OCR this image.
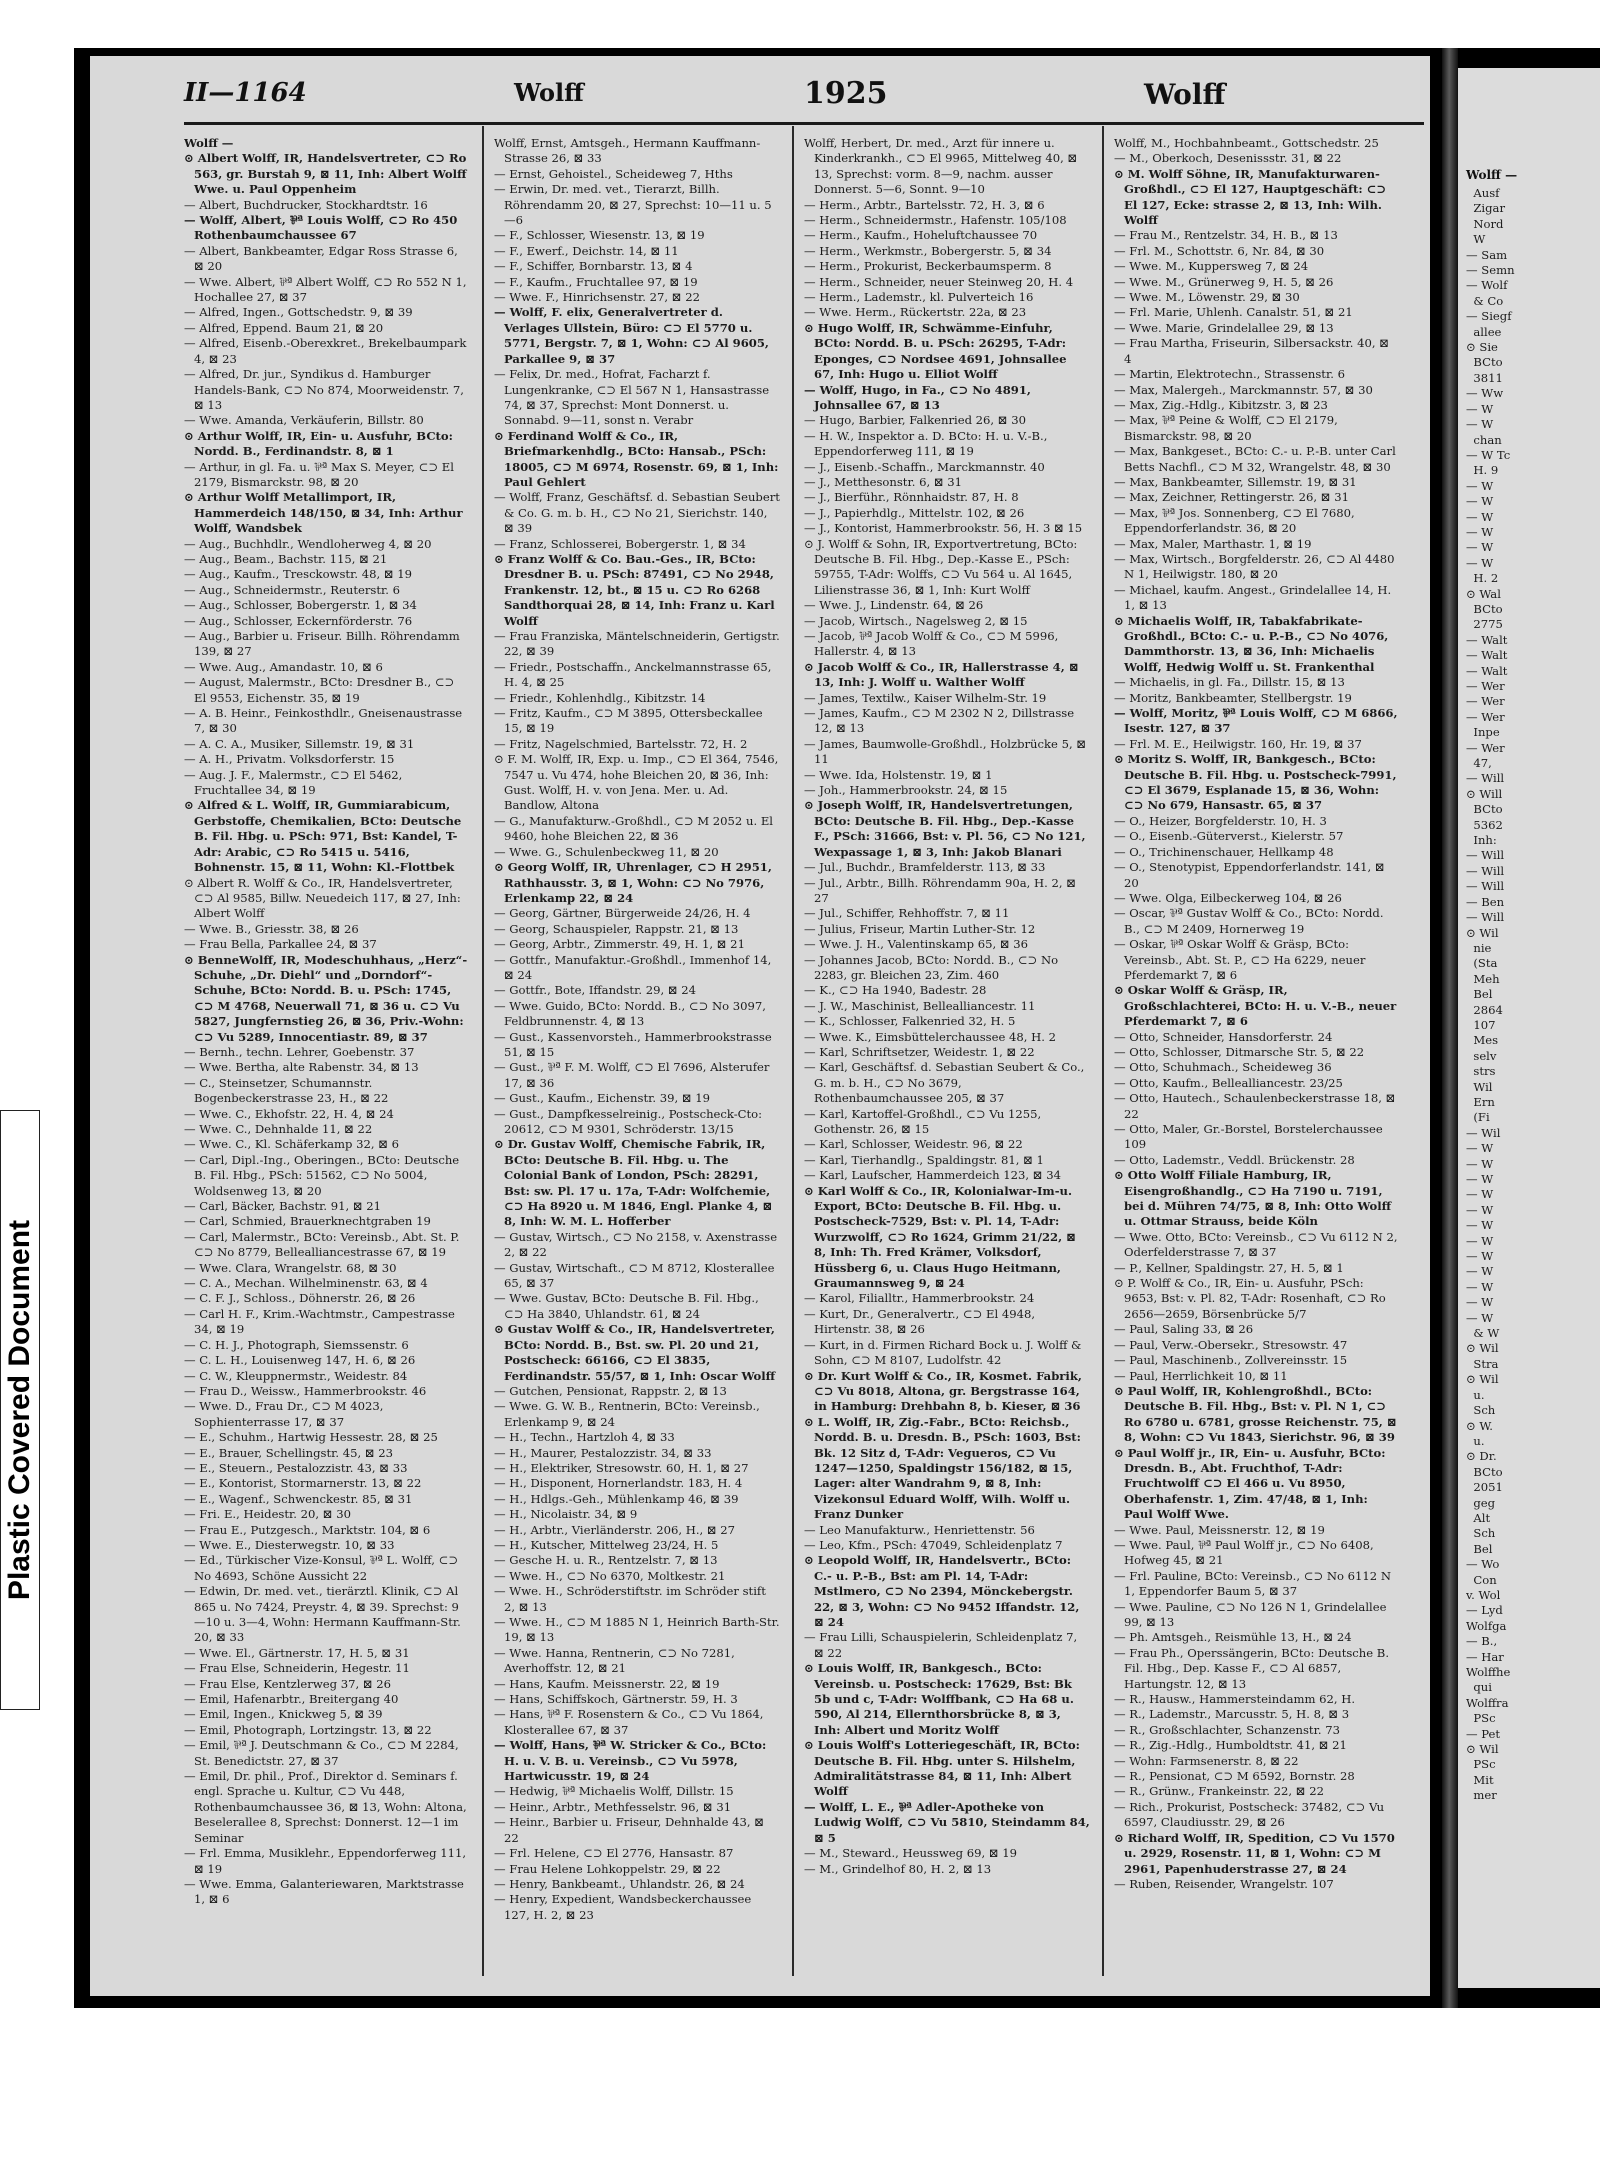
Plastic Covered Document
II—1164	Wolff	1925	Wolff

Wolff —

⊙ Albert Wolff, IR, Handelsvertreter, ⊂⊃ Ro 563, gr. Burstah 9, ⊠ 11, Inh: Albert Wolff Wwe. u. Paul Oppenheim

— Albert, Buchdrucker, Stockhardtstr. 16

— Wolff, Albert, ⅌ª Louis Wolff, ⊂⊃ Ro 450 Rothenbaumchaussee 67

— Albert, Bankbeamter, Edgar Ross Strasse 6, ⊠ 20

— Wwe. Albert, ⅌ª Albert Wolff, ⊂⊃ Ro 552 N 1, Hochallee 27, ⊠ 37

— Alfred, Ingen., Gottschedstr. 9, ⊠ 39

— Alfred, Eppend. Baum 21, ⊠ 20

— Alfred, Eisenb.-Oberexkret., Brekelbaumpark 4, ⊠ 23

— Alfred, Dr. jur., Syndikus d. Hamburger Handels-Bank, ⊂⊃ No 874, Moorweidenstr. 7, ⊠ 13

— Wwe. Amanda, Verkäuferin, Billstr. 80

⊙ Arthur Wolff, IR, Ein- u. Ausfuhr, BCto: Nordd. B., Ferdinandstr. 8, ⊠ 1

— Arthur, in gl. Fa. u. ⅌ª Max S. Meyer, ⊂⊃ El 2179, Bismarckstr. 98, ⊠ 20

⊙ Arthur Wolff Metallimport, IR, Hammerdeich 148/150, ⊠ 34, Inh: Arthur Wolff, Wandsbek

— Aug., Buchhdlr., Wendloherweg 4, ⊠ 20

— Aug., Beam., Bachstr. 115, ⊠ 21

— Aug., Kaufm., Tresckowstr. 48, ⊠ 19

— Aug., Schneidermstr., Reuterstr. 6

— Aug., Schlosser, Bobergerstr. 1, ⊠ 34

— Aug., Schlosser, Eckernförderstr. 76

— Aug., Barbier u. Friseur. Billh. Röhrendamm 139, ⊠ 27

— Wwe. Aug., Amandastr. 10, ⊠ 6

— August, Malermstr., BCto: Dresdner B., ⊂⊃ El 9553, Eichenstr. 35, ⊠ 19

— A. B. Heinr., Feinkosthdlr., Gneisenaustrasse 7, ⊠ 30

— A. C. A., Musiker, Sillemstr. 19, ⊠ 31

— A. H., Privatm. Volksdorferstr. 15

— Aug. J. F., Malermstr., ⊂⊃ El 5462, Fruchtallee 34, ⊠ 19

⊙ Alfred & L. Wolff, IR, Gummiarabicum, Gerbstoffe, Chemikalien, BCto: Deutsche B. Fil. Hbg. u. PSch: 971, Bst: Kandel, T-Adr: Arabic, ⊂⊃ Ro 5415 u. 5416, Bohnenstr. 15, ⊠ 11, Wohn: Kl.-Flottbek

⊙ Albert R. Wolff & Co., IR, Handelsvertreter, ⊂⊃ Al 9585, Billw. Neuedeich 117, ⊠ 27, Inh: Albert Wolff

— Wwe. B., Griesstr. 38, ⊠ 26

— Frau Bella, Parkallee 24, ⊠ 37

⊙ BenneWolff, IR, Modeschuhhaus, „Herz“-Schuhe, „Dr. Diehl“ und „Dorndorf“-Schuhe, BCto: Nordd. B. u. PSch: 1745, ⊂⊃ M 4768, Neuerwall 71, ⊠ 36 u. ⊂⊃ Vu 5827, Jungfernstieg 26, ⊠ 36, Priv.-Wohn: ⊂⊃ Vu 5289, Innocentiastr. 89, ⊠ 37

— Bernh., techn. Lehrer, Goebenstr. 37

— Wwe. Bertha, alte Rabenstr. 34, ⊠ 13

— C., Steinsetzer, Schumannstr. Bogenbeckerstrasse 23, H., ⊠ 22

— Wwe. C., Ekhofstr. 22, H. 4, ⊠ 24

— Wwe. C., Dehnhalde 11, ⊠ 22

— Wwe. C., Kl. Schäferkamp 32, ⊠ 6

— Carl, Dipl.-Ing., Oberingen., BCto: Deutsche B. Fil. Hbg., PSch: 51562, ⊂⊃ No 5004, Woldsenweg 13, ⊠ 20

— Carl, Bäcker, Bachstr. 91, ⊠ 21

— Carl, Schmied, Brauerknechtgraben 19

— Carl, Malermstr., BCto: Vereinsb., Abt. St. P. ⊂⊃ No 8779, Bellealliancestrasse 67, ⊠ 19

— Wwe. Clara, Wrangelstr. 68, ⊠ 30

— C. A., Mechan. Wilhelminenstr. 63, ⊠ 4

— C. F. J., Schloss., Döhnerstr. 26, ⊠ 26

— Carl H. F., Krim.-Wachtmstr., Campestrasse 34, ⊠ 19

— C. H. J., Photograph, Siemssenstr. 6

— C. L. H., Louisenweg 147, H. 6, ⊠ 26

— C. W., Kleuppnermstr., Weidestr. 84

— Frau D., Weissw., Hammerbrookstr. 46

— Wwe. D., Frau Dr., ⊂⊃ M 4023, Sophienterrasse 17, ⊠ 37

— E., Schuhm., Hartwig Hessestr. 28, ⊠ 25

— E., Brauer, Schellingstr. 45, ⊠ 23

— E., Steuern., Pestalozzistr. 43, ⊠ 33

— E., Kontorist, Stormarnerstr. 13, ⊠ 22

— E., Wagenf., Schwenckestr. 85, ⊠ 31

— Fri. E., Heidestr. 20, ⊠ 30

— Frau E., Putzgesch., Marktstr. 104, ⊠ 6

— Wwe. E., Diesterwegstr. 10, ⊠ 33

— Ed., Türkischer Vize-Konsul, ⅌ª L. Wolff, ⊂⊃ No 4693, Schöne Aussicht 22

— Edwin, Dr. med. vet., tierärztl. Klinik, ⊂⊃ Al 865 u. No 7424, Preystr. 4, ⊠ 39. Sprechst: 9—10 u. 3—4, Wohn: Hermann Kauffmann-Str. 20, ⊠ 33

— Wwe. El., Gärtnerstr. 17, H. 5, ⊠ 31

— Frau Else, Schneiderin, Hegestr. 11

— Frau Else, Kentzlerweg 37, ⊠ 26

— Emil, Hafenarbtr., Breitergang 40

— Emil, Ingen., Knickweg 5, ⊠ 39

— Emil, Photograph, Lortzingstr. 13, ⊠ 22

— Emil, ⅌ª J. Deutschmann & Co., ⊂⊃ M 2284, St. Benedictstr. 27, ⊠ 37

— Emil, Dr. phil., Prof., Direktor d. Seminars f. engl. Sprache u. Kultur, ⊂⊃ Vu 448, Rothenbaumchaussee 36, ⊠ 13, Wohn: Altona, Beselerallee 8, Sprechst: Donnerst. 12—1 im Seminar

— Frl. Emma, Musiklehr., Eppendorferweg 111, ⊠ 19

— Wwe. Emma, Galanteriewaren, Marktstrasse 1, ⊠ 6

Wolff, Ernst, Amtsgeh., Hermann Kauffmann-Strasse 26, ⊠ 33

— Ernst, Gehoistel., Scheideweg 7, Hths

— Erwin, Dr. med. vet., Tierarzt, Billh. Röhrendamm 20, ⊠ 27, Sprechst: 10—11 u. 5—6

— F., Schlosser, Wiesenstr. 13, ⊠ 19

— F., Ewerf., Deichstr. 14, ⊠ 11

— F., Schiffer, Bornbarstr. 13, ⊠ 4

— F., Kaufm., Fruchtallee 97, ⊠ 19

— Wwe. F., Hinrichsenstr. 27, ⊠ 22

— Wolff, F. elix, Generalvertreter d. Verlages Ullstein, Büro: ⊂⊃ El 5770 u. 5771, Bergstr. 7, ⊠ 1, Wohn: ⊂⊃ Al 9605, Parkallee 9, ⊠ 37

— Felix, Dr. med., Hofrat, Facharzt f. Lungenkranke, ⊂⊃ El 567 N 1, Hansastrasse 74, ⊠ 37, Sprechst: Mont Donnerst. u. Sonnabd. 9—11, sonst n. Verabr

⊙ Ferdinand Wolff & Co., IR, Briefmarkenhdlg., BCto: Hansab., PSch: 18005, ⊂⊃ M 6974, Rosenstr. 69, ⊠ 1, Inh: Paul Gehlert

— Wolff, Franz, Geschäftsf. d. Sebastian Seubert & Co. G. m. b. H., ⊂⊃ No 21, Sierichstr. 140, ⊠ 39

— Franz, Schlosserei, Bobergerstr. 1, ⊠ 34

⊙ Franz Wolff & Co. Bau.-Ges., IR, BCto: Dresdner B. u. PSch: 87491, ⊂⊃ No 2948, Frankenstr. 12, bt., ⊠ 15 u. ⊂⊃ Ro 6268 Sandthorquai 28, ⊠ 14, Inh: Franz u. Karl Wolff

— Frau Franziska, Mäntelschneiderin, Gertigstr. 22, ⊠ 39

— Friedr., Postschaffn., Anckelmannstrasse 65, H. 4, ⊠ 25

— Friedr., Kohlenhdlg., Kibitzstr. 14

— Fritz, Kaufm., ⊂⊃ M 3895, Ottersbeckallee 15, ⊠ 19

— Fritz, Nagelschmied, Bartelsstr. 72, H. 2

⊙ F. M. Wolff, IR, Exp. u. Imp., ⊂⊃ El 364, 7546, 7547 u. Vu 474, hohe Bleichen 20, ⊠ 36, Inh: Gust. Wolff, H. v. von Jena. Mer. u. Ad. Bandlow, Altona

— G., Manufakturw.-Großhdl., ⊂⊃ M 2052 u. El 9460, hohe Bleichen 22, ⊠ 36

— Wwe. G., Schulenbeckweg 11, ⊠ 20

⊙ Georg Wolff, IR, Uhrenlager, ⊂⊃ H 2951, Rathhausstr. 3, ⊠ 1, Wohn: ⊂⊃ No 7976, Erlenkamp 22, ⊠ 24

— Georg, Gärtner, Bürgerweide 24/26, H. 4

— Georg, Schauspieler, Rappstr. 21, ⊠ 13

— Georg, Arbtr., Zimmerstr. 49, H. 1, ⊠ 21

— Gottfr., Manufaktur.-Großhdl., Immenhof 14, ⊠ 24

— Gottfr., Bote, Iffandstr. 29, ⊠ 24

— Wwe. Guido, BCto: Nordd. B., ⊂⊃ No 3097, Feldbrunnenstr. 4, ⊠ 13

— Gust., Kassenvorsteh., Hammerbrookstrasse 51, ⊠ 15

— Gust., ⅌ª F. M. Wolff, ⊂⊃ El 7696, Alsterufer 17, ⊠ 36

— Gust., Kaufm., Eichenstr. 39, ⊠ 19

— Gust., Dampfkesselreinig., Postscheck-Cto: 20612, ⊂⊃ M 9301, Schröderstr. 13/15

⊙ Dr. Gustav Wolff, Chemische Fabrik, IR, BCto: Deutsche B. Fil. Hbg. u. The Colonial Bank of London, PSch: 28291, Bst: sw. Pl. 17 u. 17a, T-Adr: Wolfchemie, ⊂⊃ Ha 8920 u. M 1846, Engl. Planke 4, ⊠ 8, Inh: W. M. L. Hofferber

— Gustav, Wirtsch., ⊂⊃ No 2158, v. Axenstrasse 2, ⊠ 22

— Gustav, Wirtschaft., ⊂⊃ M 8712, Klosterallee 65, ⊠ 37

— Wwe. Gustav, BCto: Deutsche B. Fil. Hbg., ⊂⊃ Ha 3840, Uhlandstr. 61, ⊠ 24

⊙ Gustav Wolff & Co., IR, Handelsvertreter, BCto: Nordd. B., Bst. sw. Pl. 20 und 21, Postscheck: 66166, ⊂⊃ El 3835, Ferdinandstr. 55/57, ⊠ 1, Inh: Oscar Wolff

— Gutchen, Pensionat, Rappstr. 2, ⊠ 13

— Wwe. G. W. B., Rentnerin, BCto: Vereinsb., Erlenkamp 9, ⊠ 24

— H., Techn., Hartzloh 4, ⊠ 33

— H., Maurer, Pestalozzistr. 34, ⊠ 33

— H., Elektriker, Stresowstr. 60, H. 1, ⊠ 27

— H., Disponent, Hornerlandstr. 183, H. 4

— H., Hdlgs.-Geh., Mühlenkamp 46, ⊠ 39

— H., Nicolaistr. 34, ⊠ 9

— H., Arbtr., Vierländerstr. 206, H., ⊠ 27

— H., Kutscher, Mittelweg 23/24, H. 5

— Gesche H. u. R., Rentzelstr. 7, ⊠ 13

— Wwe. H., ⊂⊃ No 6370, Moltkestr. 21

— Wwe. H., Schröderstiftstr. im Schröder stift 2, ⊠ 13

— Wwe. H., ⊂⊃ M 1885 N 1, Heinrich Barth-Str. 19, ⊠ 13

— Wwe. Hanna, Rentnerin, ⊂⊃ No 7281, Averhoffstr. 12, ⊠ 21

— Hans, Kaufm. Meissnerstr. 22, ⊠ 19

— Hans, Schiffskoch, Gärtnerstr. 59, H. 3

— Hans, ⅌ª F. Rosenstern & Co., ⊂⊃ Vu 1864, Klosterallee 67, ⊠ 37

— Wolff, Hans, ⅌ª W. Stricker & Co., BCto: H. u. V. B. u. Vereinsb., ⊂⊃ Vu 5978, Hartwicusstr. 19, ⊠ 24

— Hedwig, ⅌ª Michaelis Wolff, Dillstr. 15

— Heinr., Arbtr., Methfesselstr. 96, ⊠ 31

— Heinr., Barbier u. Friseur, Dehnhalde 43, ⊠ 22

— Frl. Helene, ⊂⊃ El 2776, Hansastr. 87

— Frau Helene Lohkoppelstr. 29, ⊠ 22

— Henry, Bankbeamt., Uhlandstr. 26, ⊠ 24

— Henry, Expedient, Wandsbeckerchaussee 127, H. 2, ⊠ 23

Wolff, Herbert, Dr. med., Arzt für innere u. Kinderkrankh., ⊂⊃ El 9965, Mittelweg 40, ⊠ 13, Sprechst: vorm. 8—9, nachm. ausser Donnerst. 5—6, Sonnt. 9—10

— Herm., Arbtr., Bartelsstr. 72, H. 3, ⊠ 6

— Herm., Schneidermstr., Hafenstr. 105/108

— Herm., Kaufm., Hoheluftchaussee 70

— Herm., Werkmstr., Bobergerstr. 5, ⊠ 34

— Herm., Prokurist, Beckerbaumsperm. 8

— Herm., Schneider, neuer Steinweg 20, H. 4

— Herm., Lademstr., kl. Pulverteich 16

— Wwe. Herm., Rückertstr. 22a, ⊠ 23

⊙ Hugo Wolff, IR, Schwämme-Einfuhr, BCto: Nordd. B. u. PSch: 26295, T-Adr: Eponges, ⊂⊃ Nordsee 4691, Johnsallee 67, Inh: Hugo u. Elliot Wolff

— Wolff, Hugo, in Fa., ⊂⊃ No 4891, Johnsallee 67, ⊠ 13

— Hugo, Barbier, Falkenried 26, ⊠ 30

— H. W., Inspektor a. D. BCto: H. u. V.-B., Eppendorferweg 111, ⊠ 19

— J., Eisenb.-Schaffn., Marckmannstr. 40

— J., Metthesonstr. 6, ⊠ 31

— J., Bierführ., Rönnhaidstr. 87, H. 8

— J., Papierhdlg., Mittelstr. 102, ⊠ 26

— J., Kontorist, Hammerbrookstr. 56, H. 3 ⊠ 15

⊙ J. Wolff & Sohn, IR, Exportvertretung, BCto: Deutsche B. Fil. Hbg., Dep.-Kasse E., PSch: 59755, T-Adr: Wolffs, ⊂⊃ Vu 564 u. Al 1645, Lilienstrasse 36, ⊠ 1, Inh: Kurt Wolff

— Wwe. J., Lindenstr. 64, ⊠ 26

— Jacob, Wirtsch., Nagelsweg 2, ⊠ 15

— Jacob, ⅌ª Jacob Wolff & Co., ⊂⊃ M 5996, Hallerstr. 4, ⊠ 13

⊙ Jacob Wolff & Co., IR, Hallerstrasse 4, ⊠ 13, Inh: J. Wolff u. Walther Wolff

— James, Textilw., Kaiser Wilhelm-Str. 19

— James, Kaufm., ⊂⊃ M 2302 N 2, Dillstrasse 12, ⊠ 13

— James, Baumwolle-Großhdl., Holzbrücke 5, ⊠ 11

— Wwe. Ida, Holstenstr. 19, ⊠ 1

— Joh., Hammerbrookstr. 24, ⊠ 15

⊙ Joseph Wolff, IR, Handelsvertretungen, BCto: Deutsche B. Fil. Hbg., Dep.-Kasse F., PSch: 31666, Bst: v. Pl. 56, ⊂⊃ No 121, Wexpassage 1, ⊠ 3, Inh: Jakob Blanari

— Jul., Buchdr., Bramfelderstr. 113, ⊠ 33

— Jul., Arbtr., Billh. Röhrendamm 90a, H. 2, ⊠ 27

— Jul., Schiffer, Rehhoffstr. 7, ⊠ 11

— Julius, Friseur, Martin Luther-Str. 12

— Wwe. J. H., Valentinskamp 65, ⊠ 36

— Johannes Jacob, BCto: Nordd. B., ⊂⊃ No 2283, gr. Bleichen 23, Zim. 460

— K., ⊂⊃ Ha 1940, Badestr. 28

— J. W., Maschinist, Bellealliancestr. 11

— K., Schlosser, Falkenried 32, H. 5

— Wwe. K., Eimsbüttelerchaussee 48, H. 2

— Karl, Schriftsetzer, Weidestr. 1, ⊠ 22

— Karl, Geschäftsf. d. Sebastian Seubert & Co., G. m. b. H., ⊂⊃ No 3679, Rothenbaumchaussee 205, ⊠ 37

— Karl, Kartoffel-Großhdl., ⊂⊃ Vu 1255, Gothenstr. 26, ⊠ 15

— Karl, Schlosser, Weidestr. 96, ⊠ 22

— Karl, Tierhandlg., Spaldingstr. 81, ⊠ 1

— Karl, Laufscher, Hammerdeich 123, ⊠ 34

⊙ Karl Wolff & Co., IR, Kolonialwar-Im-u. Export, BCto: Deutsche B. Fil. Hbg. u. Postscheck-7529, Bst: v. Pl. 14, T-Adr: Wurzwolff, ⊂⊃ Ro 1624, Grimm 21/22, ⊠ 8, Inh: Th. Fred Krämer, Volksdorf, Hüssberg 6, u. Claus Hugo Heitmann, Graumannsweg 9, ⊠ 24

— Karol, Filialltr., Hammerbrookstr. 24

— Kurt, Dr., Generalvertr., ⊂⊃ El 4948, Hirtenstr. 38, ⊠ 26

— Kurt, in d. Firmen Richard Bock u. J. Wolff & Sohn, ⊂⊃ M 8107, Ludolfstr. 42

⊙ Dr. Kurt Wolff & Co., IR, Kosmet. Fabrik, ⊂⊃ Vu 8018, Altona, gr. Bergstrasse 164, in Hamburg: Drehbahn 8, b. Kieser, ⊠ 36

⊙ L. Wolff, IR, Zig.-Fabr., BCto: Reichsb., Nordd. B. u. Dresdn. B., PSch: 1603, Bst: Bk. 12 Sitz d, T-Adr: Vegueros, ⊂⊃ Vu 1247—1250, Spaldingstr 156/182, ⊠ 15, Lager: alter Wandrahm 9, ⊠ 8, Inh: Vizekonsul Eduard Wolff, Wilh. Wolff u. Franz Dunker

— Leo Manufakturw., Henriettenstr. 56

— Leo, Kfm., PSch: 47049, Schleidenplatz 7

⊙ Leopold Wolff, IR, Handelsvertr., BCto: C.- u. P.-B., Bst: am Pl. 14, T-Adr: Mstlmero, ⊂⊃ No 2394, Mönckebergstr. 22, ⊠ 3, Wohn: ⊂⊃ No 9452 Iffandstr. 12, ⊠ 24

— Frau Lilli, Schauspielerin, Schleidenplatz 7, ⊠ 22

⊙ Louis Wolff, IR, Bankgesch., BCto: Vereinsb. u. Postscheck: 17629, Bst: Bk 5b und c, T-Adr: Wolffbank, ⊂⊃ Ha 68 u. 590, Al 214, Ellernthorsbrücke 8, ⊠ 3, Inh: Albert und Moritz Wolff

⊙ Louis Wolff's Lotteriegeschäft, IR, BCto: Deutsche B. Fil. Hbg. unter S. Hilshelm, Admiralitätstrasse 84, ⊠ 11, Inh: Albert Wolff

— Wolff, L. E., ⅌ª Adler-Apotheke von Ludwig Wolff, ⊂⊃ Vu 5810, Steindamm 84, ⊠ 5

— M., Steward., Heussweg 69, ⊠ 19

— M., Grindelhof 80, H. 2, ⊠ 13

Wolff, M., Hochbahnbeamt., Gottschedstr. 25

— M., Oberkoch, Desenissstr. 31, ⊠ 22

⊙ M. Wolff Söhne, IR, Manufakturwaren-Großhdl., ⊂⊃ El 127, Hauptgeschäft: ⊂⊃ El 127, Ecke: strasse 2, ⊠ 13, Inh: Wilh. Wolff

— Frau M., Rentzelstr. 34, H. B., ⊠ 13

— Frl. M., Schottstr. 6, Nr. 84, ⊠ 30

— Wwe. M., Kuppersweg 7, ⊠ 24

— Wwe. M., Grünerweg 9, H. 5, ⊠ 26

— Wwe. M., Löwenstr. 29, ⊠ 30

— Frl. Marie, Uhlenh. Canalstr. 51, ⊠ 21

— Wwe. Marie, Grindelallee 29, ⊠ 13

— Frau Martha, Friseurin, Silbersackstr. 40, ⊠ 4

— Martin, Elektrotechn., Strassenstr. 6

— Max, Malergeh., Marckmannstr. 57, ⊠ 30

— Max, Zig.-Hdlg., Kibitzstr. 3, ⊠ 23

— Max, ⅌ª Peine & Wolff, ⊂⊃ El 2179, Bismarckstr. 98, ⊠ 20

— Max, Bankgeset., BCto: C.- u. P.-B. unter Carl Betts Nachfl., ⊂⊃ M 32, Wrangelstr. 48, ⊠ 30

— Max, Bankbeamter, Sillemstr. 19, ⊠ 31

— Max, Zeichner, Rettingerstr. 26, ⊠ 31

— Max, ⅌ª Jos. Sonnenberg, ⊂⊃ El 7680, Eppendorferlandstr. 36, ⊠ 20

— Max, Maler, Marthastr. 1, ⊠ 19

— Max, Wirtsch., Borgfelderstr. 26, ⊂⊃ Al 4480 N 1, Heilwigstr. 180, ⊠ 20

— Michael, kaufm. Angest., Grindelallee 14, H. 1, ⊠ 13

⊙ Michaelis Wolff, IR, Tabakfabrikate-Großhdl., BCto: C.- u. P.-B., ⊂⊃ No 4076, Dammthorstr. 13, ⊠ 36, Inh: Michaelis Wolff, Hedwig Wolff u. St. Frankenthal

— Michaelis, in gl. Fa., Dillstr. 15, ⊠ 13

— Moritz, Bankbeamter, Stellbergstr. 19

— Wolff, Moritz, ⅌ª Louis Wolff, ⊂⊃ M 6866, Isestr. 127, ⊠ 37

— Frl. M. E., Heilwigstr. 160, Hr. 19, ⊠ 37

⊙ Moritz S. Wolff, IR, Bankgesch., BCto: Deutsche B. Fil. Hbg. u. Postscheck-7991, ⊂⊃ El 3679, Esplanade 15, ⊠ 36, Wohn: ⊂⊃ No 679, Hansastr. 65, ⊠ 37

— O., Heizer, Borgfelderstr. 10, H. 3

— O., Eisenb.-Güterverst., Kielerstr. 57

— O., Trichinenschauer, Hellkamp 48

— O., Stenotypist, Eppendorferlandstr. 141, ⊠ 20

— Wwe. Olga, Eilbeckerweg 104, ⊠ 26

— Oscar, ⅌ª Gustav Wolff & Co., BCto: Nordd. B., ⊂⊃ M 2409, Hornerweg 19

— Oskar, ⅌ª Oskar Wolff & Gräsp, BCto: Vereinsb., Abt. St. P., ⊂⊃ Ha 6229, neuer Pferdemarkt 7, ⊠ 6

⊙ Oskar Wolff & Gräsp, IR, Großschlachterei, BCto: H. u. V.-B., neuer Pferdemarkt 7, ⊠ 6

— Otto, Schneider, Hansdorferstr. 24

— Otto, Schlosser, Ditmarsche Str. 5, ⊠ 22

— Otto, Schuhmach., Scheideweg 36

— Otto, Kaufm., Bellealliancestr. 23/25

— Otto, Hautech., Schaulenbeckerstrasse 18, ⊠ 22

— Otto, Maler, Gr.-Borstel, Borstelerchaussee 109

— Otto, Lademstr., Veddl. Brückenstr. 28

⊙ Otto Wolff Filiale Hamburg, IR, Eisengroßhandlg., ⊂⊃ Ha 7190 u. 7191, bei d. Mühren 74/75, ⊠ 8, Inh: Otto Wolff u. Ottmar Strauss, beide Köln

— Wwe. Otto, BCto: Vereinsb., ⊂⊃ Vu 6112 N 2, Oderfelderstrasse 7, ⊠ 37

— P., Kellner, Spaldingstr. 27, H. 5, ⊠ 1

⊙ P. Wolff & Co., IR, Ein- u. Ausfuhr, PSch: 9653, Bst: v. Pl. 82, T-Adr: Rosenhaft, ⊂⊃ Ro 2656—2659, Börsenbrücke 5/7

— Paul, Saling 33, ⊠ 26

— Paul, Verw.-Obersekr., Stresowstr. 47

— Paul, Maschinenb., Zollvereinsstr. 15

— Paul, Herrlichkeit 10, ⊠ 11

⊙ Paul Wolff, IR, Kohlengroßhdl., BCto: Deutsche B. Fil. Hbg., Bst: v. Pl. N 1, ⊂⊃ Ro 6780 u. 6781, grosse Reichenstr. 75, ⊠ 8, Wohn: ⊂⊃ Vu 1843, Sierichstr. 96, ⊠ 39

⊙ Paul Wolff jr., IR, Ein- u. Ausfuhr, BCto: Dresdn. B., Abt. Fruchthof, T-Adr: Fruchtwolff ⊂⊃ El 466 u. Vu 8950, Oberhafenstr. 1, Zim. 47/48, ⊠ 1, Inh: Paul Wolff Wwe.

— Wwe. Paul, Meissnerstr. 12, ⊠ 19

— Wwe. Paul, ⅌ª Paul Wolff jr., ⊂⊃ No 6408, Hofweg 45, ⊠ 21

— Frl. Pauline, BCto: Vereinsb., ⊂⊃ No 6112 N 1, Eppendorfer Baum 5, ⊠ 37

— Wwe. Pauline, ⊂⊃ No 126 N 1, Grindelallee 99, ⊠ 13

— Ph. Amtsgeh., Reismühle 13, H., ⊠ 24

— Frau Ph., Operssängerin, BCto: Deutsche B. Fil. Hbg., Dep. Kasse F., ⊂⊃ Al 6857, Hartungstr. 12, ⊠ 13

— R., Hausw., Hammersteindamm 62, H.

— R., Lademstr., Marcusstr. 5, H. 8, ⊠ 3

— R., Großschlachter, Schanzenstr. 73

— R., Zig.-Hdlg., Humboldtstr. 41, ⊠ 21

— Wohn: Farmsenerstr. 8, ⊠ 22

— R., Pensionat, ⊂⊃ M 6592, Bornstr. 28

— R., Grünw., Frankeinstr. 22, ⊠ 22

— Rich., Prokurist, Postscheck: 37482, ⊂⊃ Vu 6597, Claudiusstr. 29, ⊠ 26

⊙ Richard Wolff, IR, Spedition, ⊂⊃ Vu 1570 u. 2929, Rosenstr. 11, ⊠ 1, Wohn: ⊂⊃ M 2961, Papenhuderstrasse 27, ⊠ 24

— Ruben, Reisender, Wrangelstr. 107

Wolff —
Ausf
Zigar
Nord
W
— Sam
— Semn
— Wolf
& Co
— Siegf
allee
⊙ Sie
BCto
3811
— Ww
— W
— W
chan
— W Tc
H. 9
— W
— W
— W
— W
— W
— W
H. 2
⊙ Wal
BCto
2775
— Walt
— Walt
— Walt
— Wer
— Wer
— Wer
Inpe
— Wer
47,
— Will
⊙ Will
BCto
5362
Inh:
— Will
— Will
— Will
— Ben
— Will
⊙ Wil
nie
(Sta
Meh
Bel
2864
107
Mes
selv
strs
Wil
Ern
(Fi
— Wil
— W
— W
— W
— W
— W
— W
— W
— W
— W
— W
— W
— W
& W
⊙ Wil
Stra
⊙ Wil
u.
Sch
⊙ W.
u.
⊙ Dr.
BCto
2051
geg
Alt
Sch
Bel
— Wo
Con
v. Wol
— Lyd
Wolfga
— B.,
— Har
Wolffhe
qui
Wolffra
PSc
— Pet
⊙ Wil
PSc
Mit
mer
